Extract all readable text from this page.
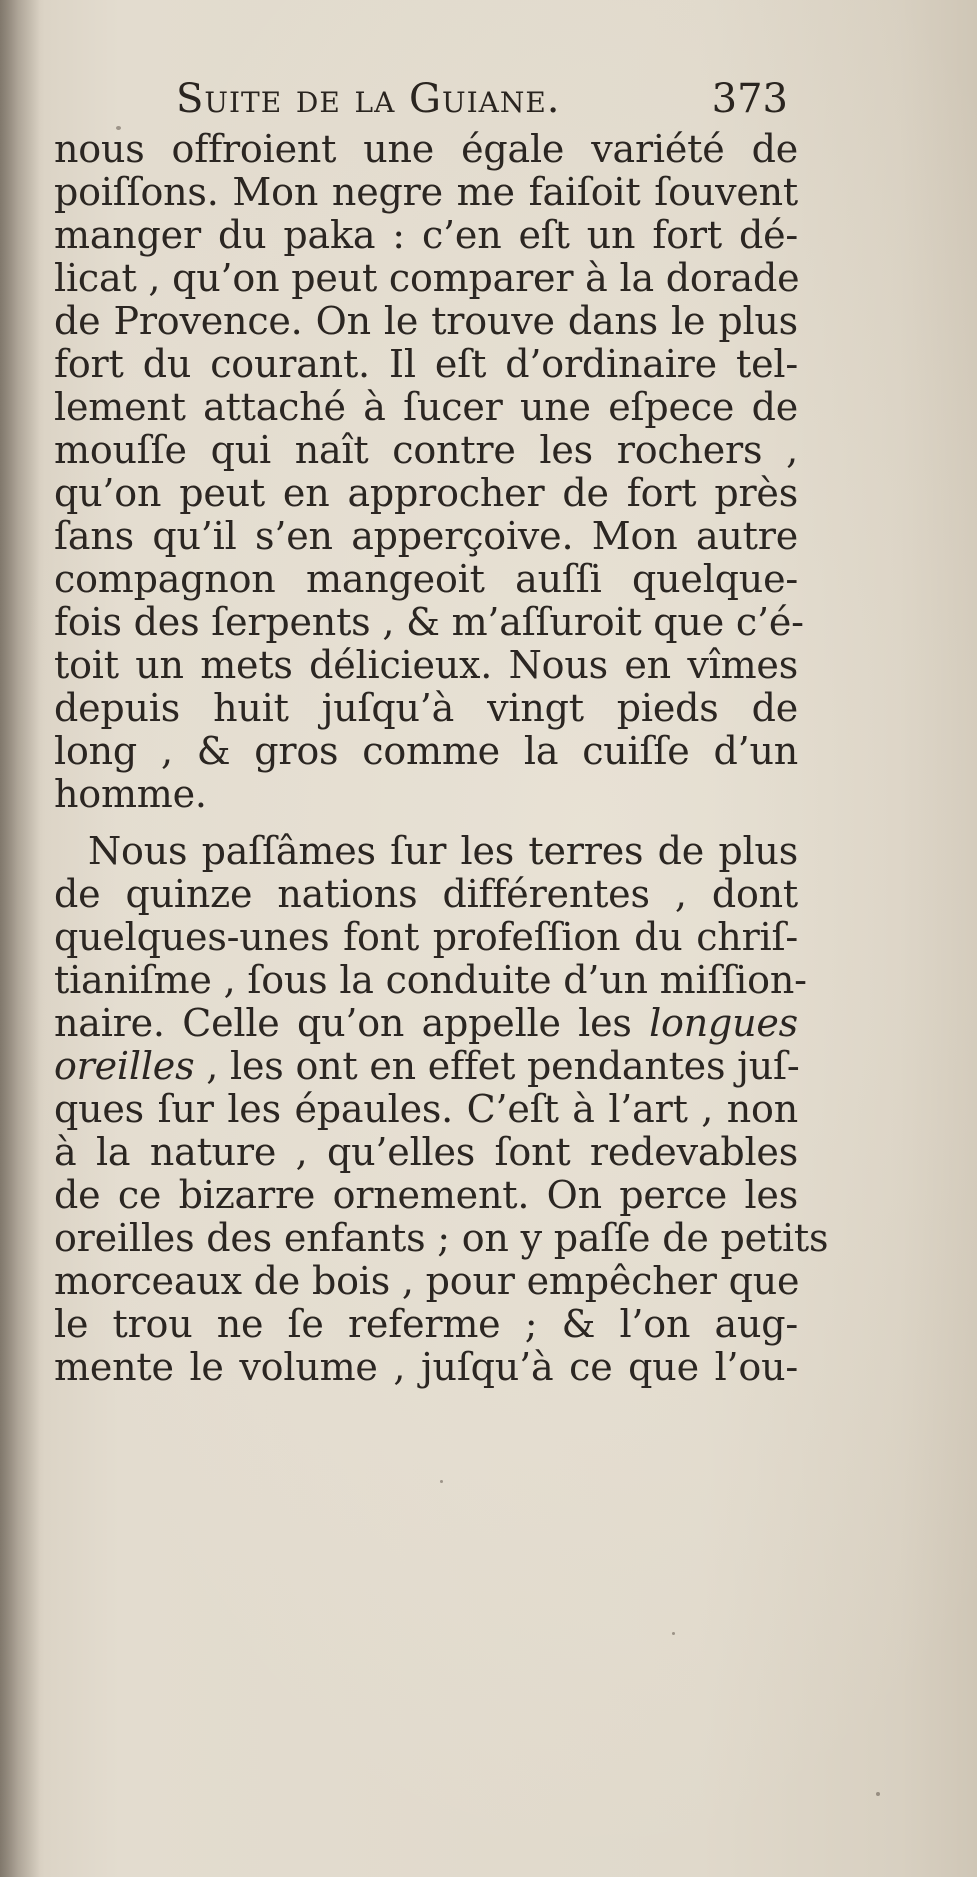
Suite de la Guiane.	373
nous offroient une égale variété de
poiſſons. Mon negre me faiſoit ſouvent
manger du paka : c’en eſt un fort dé-
licat , qu’on peut comparer à la dorade
de Provence. On le trouve dans le plus
fort du courant. Il eſt d’ordinaire tel-
lement attaché à ſucer une eſpece de
mouſſe qui naît contre les rochers ,
qu’on peut en approcher de fort près
ſans qu’il s’en apperçoive. Mon autre
compagnon mangeoit auſſi quelque-
fois des ſerpents , & m’aſſuroit que c’é-
toit un mets délicieux. Nous en vîmes
depuis huit juſqu’à vingt pieds de
long , & gros comme la cuiſſe d’un
homme.
Nous paſſâmes ſur les terres de plus
de quinze nations différentes , dont
quelques-unes font profeſſion du chriſ-
tianiſme , ſous la conduite d’un miſſion-
naire. Celle qu’on appelle les longues
oreilles , les ont en effet pendantes juſ-
ques ſur les épaules. C’eſt à l’art , non
à la nature , qu’elles ſont redevables
de ce bizarre ornement. On perce les
oreilles des enfants ; on y paſſe de petits
morceaux de bois , pour empêcher que
le trou ne ſe referme ; & l’on aug-
mente le volume , juſqu’à ce que l’ou-
